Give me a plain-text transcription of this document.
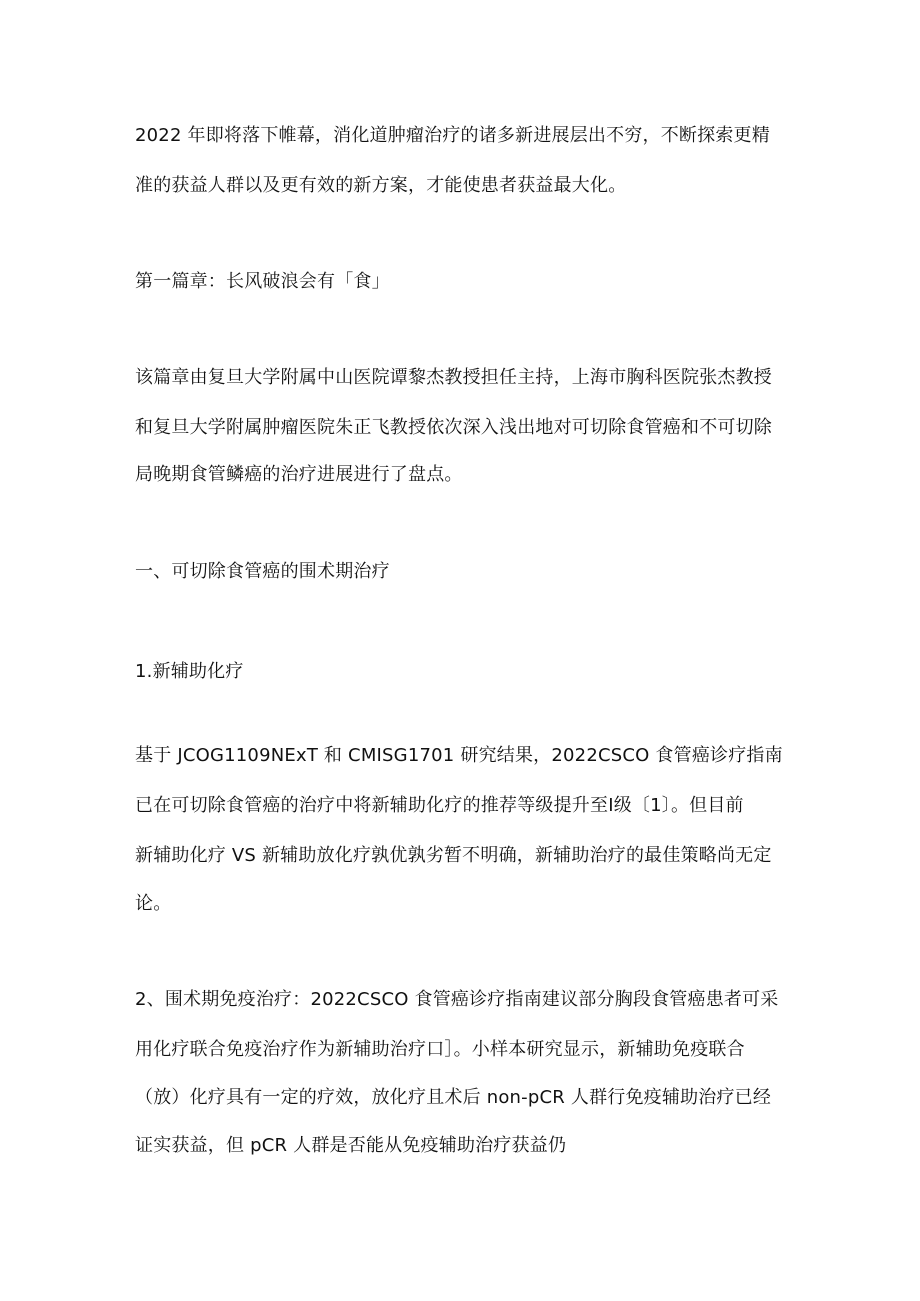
2022 年即将落下帷幕，消化道肿瘤治疗的诸多新进展层出不穷，不断探索更精
准的获益人群以及更有效的新方案，才能使患者获益最大化。
第一篇章：长风破浪会有「食」
该篇章由复旦大学附属中山医院谭黎杰教授担任主持，上海市胸科医院张杰教授
和复旦大学附属肿瘤医院朱正飞教授依次深入浅出地对可切除食管癌和不可切除
局晚期食管鳞癌的治疗进展进行了盘点。
一、可切除食管癌的围术期治疗
1.新辅助化疗
基于 JCOG1109NExT 和 CMISG1701 研究结果，2022CSCO 食管癌诊疗指南
已在可切除食管癌的治疗中将新辅助化疗的推荐等级提升至Ⅰ级〔1〕。但目前
新辅助化疗 VS 新辅助放化疗孰优孰劣暂不明确，新辅助治疗的最佳策略尚无定
论。
2、围术期免疫治疗：2022CSCO 食管癌诊疗指南建议部分胸段食管癌患者可采
用化疗联合免疫治疗作为新辅助治疗口］。小样本研究显示，新辅助免疫联合
（放）化疗具有一定的疗效，放化疗且术后 non-pCR 人群行免疫辅助治疗已经
证实获益，但 pCR 人群是否能从免疫辅助治疗获益仍
